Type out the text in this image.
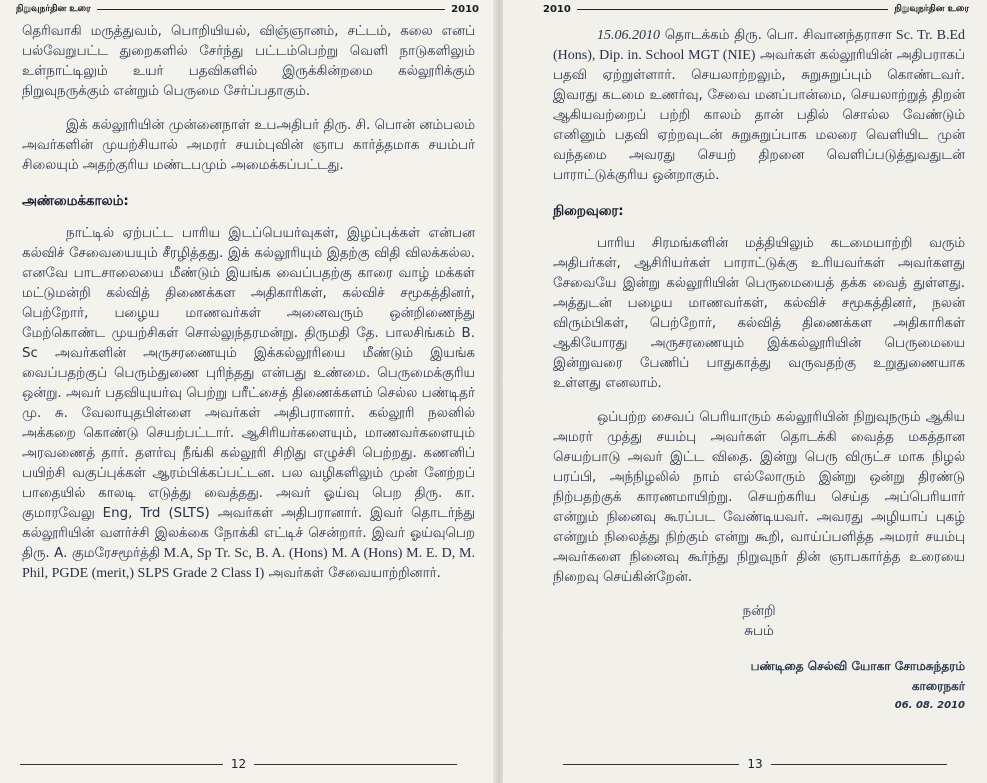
நிறுவுநர்தின உரை	2010

தெரிவாகி மருத்துவம், பொறியியல், விஞ்ஞானம், சட்டம், கலை எனப் பல்வேறுபட்ட துறைகளில் சேர்ந்து பட்டம்பெற்று வெளி நாடுகளிலும் உள்நாட்டிலும் உயர் பதவிகளில் இருக்கின்றமை கல்லூரிக்கும் நிறுவுநருக்கும் என்றும் பெருமை சேர்ப்பதாகும்.

இக் கல்லூரியின் முன்னைநாள் உபஅதிபர் திரு. சி. பொன் னம்பலம் அவர்களின் முயற்சியால் அமரர் சயம்புவின் ஞாப கார்த்தமாக சயம்பர் சிலையும் அதற்குரிய மண்டபமும் அமைக்கப்பட்டது.

அண்மைக்காலம்:

நாட்டில் ஏற்பட்ட பாரிய இடப்பெயர்வுகள், இழப்புக்கள் என்பன கல்விச் சேவையையும் சீரழித்தது. இக் கல்லூரியும் இதற்கு விதி விலக்கல்ல. எனவே பாடசாலையை மீண்டும் இயங்க வைப்பதற்கு காரை வாழ் மக்கள் மட்டுமன்றி கல்வித் திணைக்கள அதிகாரிகள், கல்விச் சமூகத்தினர், பெற்றோர், பழைய மாணவர்கள் அனைவரும் ஒன்றிணைந்து மேற்கொண்ட முயற்சிகள் சொல்லுந்தரமன்று. திருமதி தே. பாலசிங்கம் B. Sc அவர்களின் அருசரணையும் இக்கல்லூரியை மீண்டும் இயங்க வைப்பதற்குப் பெரும்துணை புரிந்தது என்பது உண்மை. பெருமைக்குரிய ஒன்று. அவர் பதவியுயர்வு பெற்று பரீட்சைத் திணைக்களம் செல்ல பண்டிதர் மு. சு. வேலாயுதபிள்ளை அவர்கள் அதிபரானார். கல்லூரி நலனில் அக்கறை கொண்டு செயற்பட்டார். ஆசிரியர்களையும், மாணவர்களையும் அரவணைத் தார். தளர்வு நீங்கி கல்லூரி சிறிது எழுச்சி பெற்றது. கணனிப் பயிற்சி வகுப்புக்கள் ஆரம்பிக்கப்பட்டன. பல வழிகளிலும் முன் னேற்றப் பாதையில் காலடி எடுத்து வைத்தது. அவர் ஓய்வு பெற திரு. கா. குமாரவேலு Eng, Trd (SLTS) அவர்கள் அதிபரானார். இவர் தொடர்ந்து கல்லூரியின் வளர்ச்சி இலக்கை நோக்கி எட்டிச் சென்றார். இவர் ஓய்வுபெற திரு. A. குமரேசமூர்த்தி M.A, Sp Tr. Sc, B. A. (Hons) M. A (Hons) M. E. D, M. Phil, PGDE (merit,) SLPS Grade 2 Class I) அவர்கள் சேவையாற்றினார்.

12
2010	நிறுவுநர்தின உரை

15.06.2010 தொடக்கம் திரு. பொ. சிவானந்தராசா Sc. Tr. B.Ed (Hons), Dip. in. School MGT (NIE) அவர்கள் கல்லூரியின் அதிபராகப் பதவி ஏற்றுள்ளார். செயலாற்றலும், சுறுசுறுப்பும் கொண்டவர். இவரது கடமை உணர்வு, சேவை மனப்பான்மை, செயலாற்றுத் திறன் ஆகியவற்றைப் பற்றி காலம் தான் பதில் சொல்ல வேண்டும் எனினும் பதவி ஏற்றவுடன் சுறுசுறுப்பாக மலரை வெளியிட முன் வந்தமை அவரது செயற் திறனை வெளிப்படுத்துவதுடன் பாராட்டுக்குரிய ஒன்றாகும்.

நிறைவுரை:

பாரிய சிரமங்களின் மத்தியிலும் கடமையாற்றி வரும் அதிபர்கள், ஆசிரியர்கள் பாராட்டுக்கு உரியவர்கள் அவர்களது சேவையே இன்று கல்லூரியின் பெருமையைத் தக்க வைத் துள்ளது. அத்துடன் பழைய மாணவர்கள், கல்விச் சமூகத்தினர், நலன் விரும்பிகள், பெற்றோர், கல்வித் திணைக்கள அதிகாரிகள் ஆகியோரது அருசரணையும் இக்கல்லூரியின் பெருமையை இன்றுவரை பேணிப் பாதுகாத்து வருவதற்கு உறுதுணையாக உள்ளது எனலாம்.

ஒப்பற்ற சைவப் பெரியாரும் கல்லூரியின் நிறுவுநரும் ஆகிய அமரர் முத்து சயம்பு அவர்கள் தொடக்கி வைத்த மகத்தான செயற்பாடு அவர் இட்ட விதை. இன்று பெரு விருட்ச மாக நிழல் பரப்பி, அந்நிழலில் நாம் எல்லோரும் இன்று ஒன்று திரண்டு நிற்பதற்குக் காரணமாயிற்று. செயற்கரிய செய்த அப்பெரியார் என்றும் நினைவு கூரப்பட வேண்டியவர். அவரது அழியாப் புகழ் என்றும் நிலைத்து நிற்கும் என்று கூறி, வாய்ப்பளித்த அமரர் சயம்பு அவர்களை நினைவு கூர்ந்து நிறுவுநர் தின் ஞாபகார்த்த உரையை நிறைவு செய்கின்றேன்.

நன்றி

சுபம்

பண்டிதை செல்வி யோகா சோமசுந்தரம்

காரைநகர்

06. 08. 2010

13
